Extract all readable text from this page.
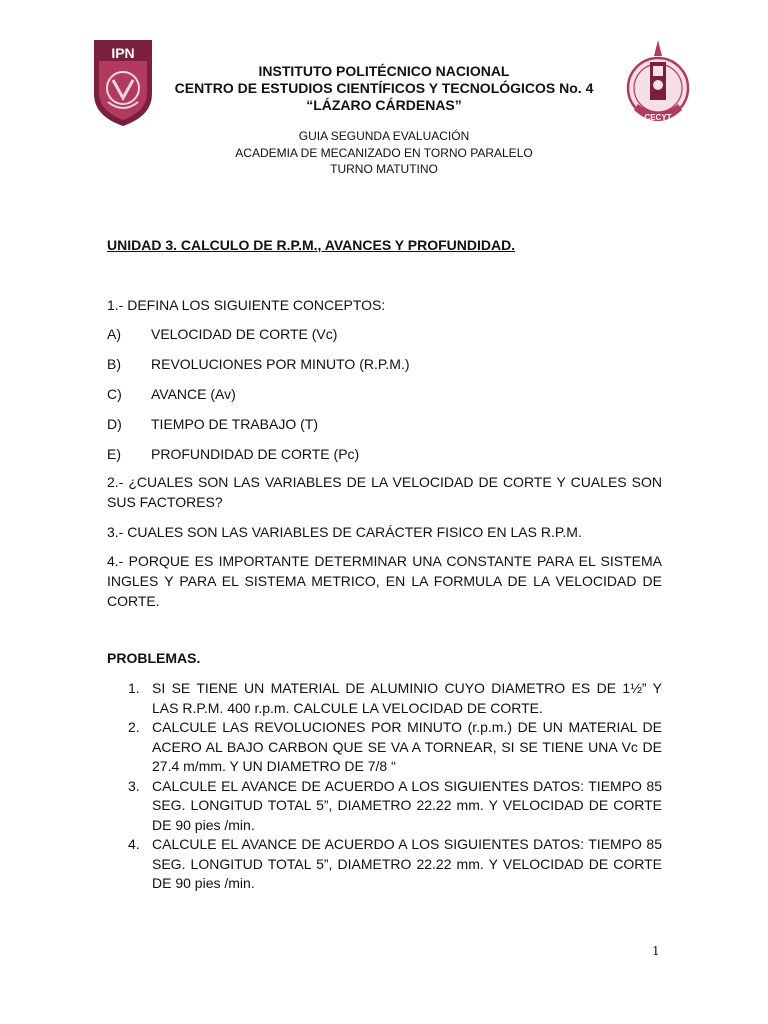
IPN
CECYT
INSTITUTO POLITÉCNICO NACIONAL
CENTRO DE ESTUDIOS CIENTÍFICOS Y TECNOLÓGICOS No. 4
“LÁZARO CÁRDENAS”
GUIA SEGUNDA EVALUACIÓN
ACADEMIA DE MECANIZADO EN TORNO PARALELO
TURNO MATUTINO
UNIDAD 3. CALCULO DE R.P.M., AVANCES Y PROFUNDIDAD.
1.- DEFINA LOS SIGUIENTE CONCEPTOS:
A) VELOCIDAD DE CORTE (Vc)
B) REVOLUCIONES POR MINUTO (R.P.M.)
C) AVANCE (Av)
D) TIEMPO DE TRABAJO (T)
E) PROFUNDIDAD DE CORTE (Pc)
2.- ¿CUALES SON LAS VARIABLES DE LA VELOCIDAD DE CORTE Y CUALES SON SUS FACTORES?
3.- CUALES SON LAS VARIABLES DE CARÁCTER FISICO EN LAS R.P.M.
4.- PORQUE ES IMPORTANTE DETERMINAR UNA CONSTANTE PARA EL SISTEMA INGLES Y PARA EL SISTEMA METRICO, EN LA FORMULA DE LA VELOCIDAD DE CORTE.
PROBLEMAS.
1. SI SE TIENE UN MATERIAL DE ALUMINIO CUYO DIAMETRO ES DE 1½” Y LAS R.P.M. 400 r.p.m. CALCULE LA VELOCIDAD DE CORTE.
2. CALCULE LAS REVOLUCIONES POR MINUTO (r.p.m.) DE UN MATERIAL DE ACERO AL BAJO CARBON QUE SE VA A TORNEAR, SI SE TIENE UNA Vc DE 27.4 m/mm. Y UN DIAMETRO DE 7/8 “
3. CALCULE EL AVANCE DE ACUERDO A LOS SIGUIENTES DATOS: TIEMPO 85 SEG. LONGITUD TOTAL 5”, DIAMETRO 22.22 mm. Y VELOCIDAD DE CORTE DE 90 pies /min.
4. CALCULE EL AVANCE DE ACUERDO A LOS SIGUIENTES DATOS: TIEMPO 85 SEG. LONGITUD TOTAL 5”, DIAMETRO 22.22 mm. Y VELOCIDAD DE CORTE DE 90 pies /min.
1
